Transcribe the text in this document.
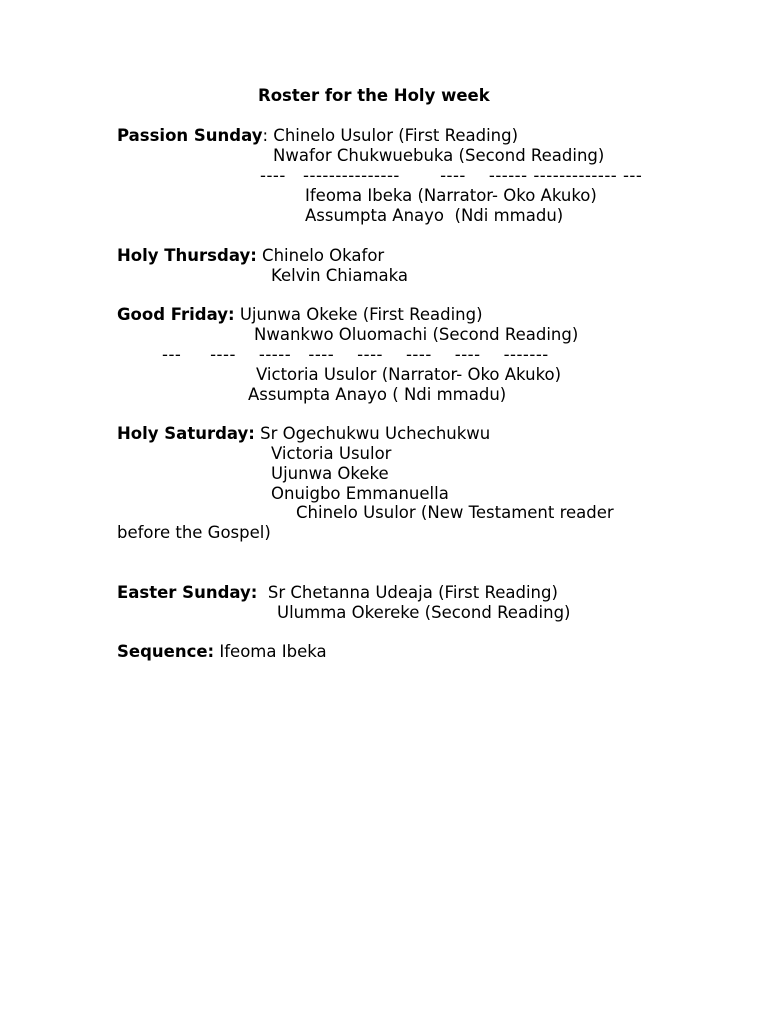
Roster for the Holy week
Passion Sunday: Chinelo Usulor (First Reading)
Nwafor Chukwuebuka (Second Reading)
----   ---------------       ----    ------ ------------- ---
Ifeoma Ibeka (Narrator- Oko Akuko)
Assumpta Anayo  (Ndi mmadu)
Holy Thursday: Chinelo Okafor
Kelvin Chiamaka
Good Friday: Ujunwa Okeke (First Reading)
Nwankwo Oluomachi (Second Reading)
---     ----    -----   ----    ----    ----    ----    -------
Victoria Usulor (Narrator- Oko Akuko)
Assumpta Anayo ( Ndi mmadu)
Holy Saturday: Sr Ogechukwu Uchechukwu
Victoria Usulor
Ujunwa Okeke
Onuigbo Emmanuella
Chinelo Usulor (New Testament reader
before the Gospel)
Easter Sunday:  Sr Chetanna Udeaja (First Reading)
Ulumma Okereke (Second Reading)
Sequence: Ifeoma Ibeka
